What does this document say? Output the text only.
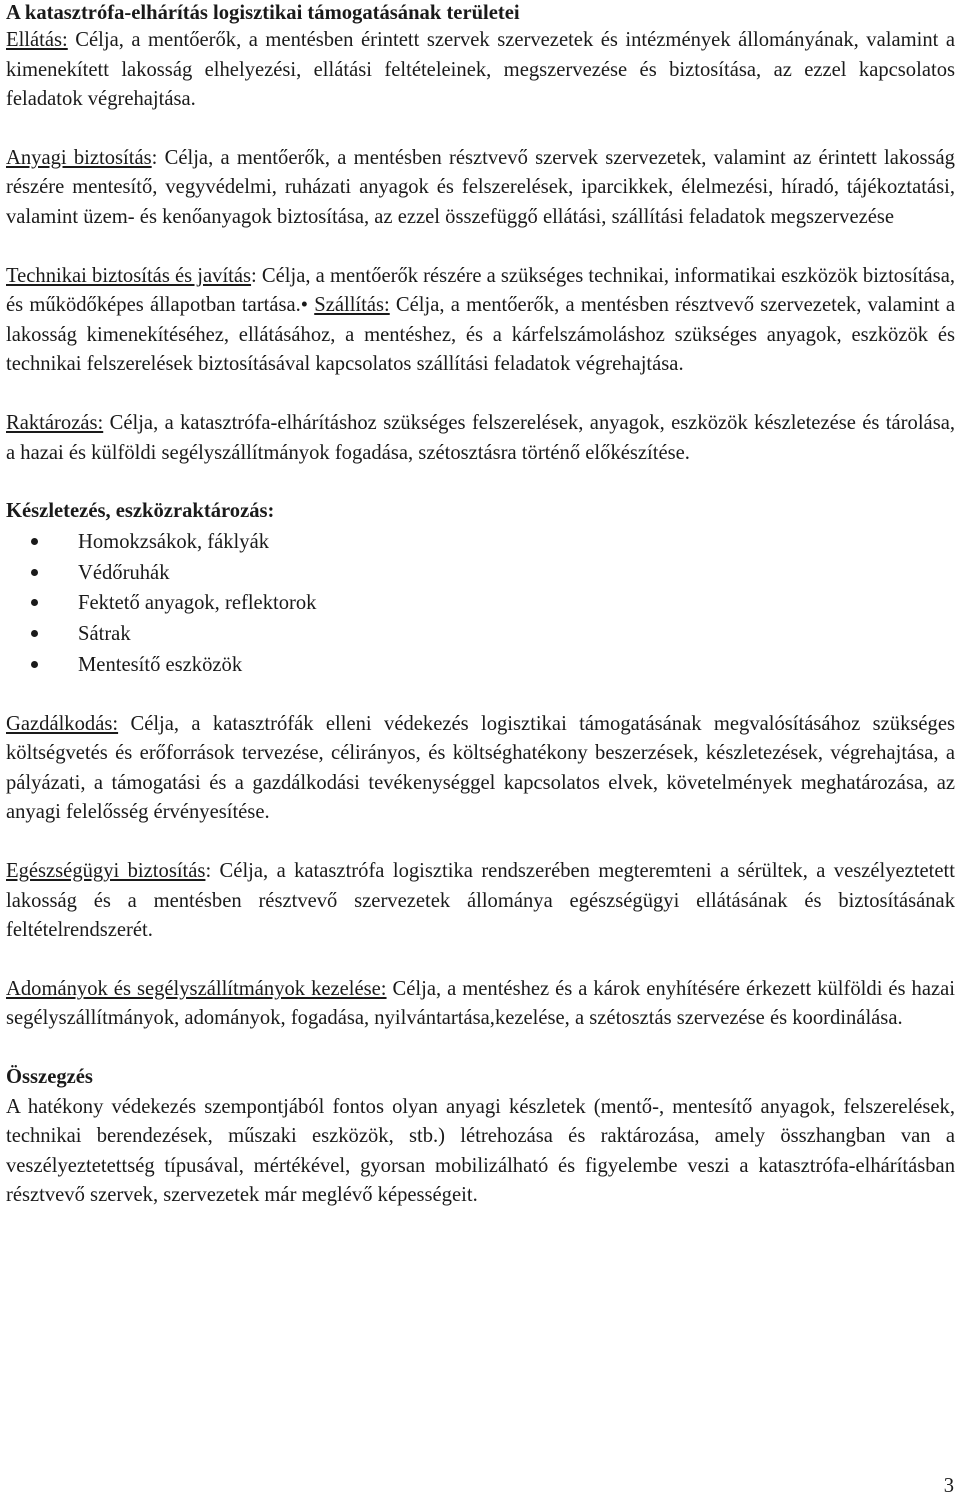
A katasztrófa-elhárítás logisztikai támogatásának területei

Ellátás: Célja, a mentőerők, a mentésben érintett szervek szervezetek és intézmények állományának, valamint a kimenekített lakosság elhelyezési, ellátási feltételeinek, megszervezése és biztosítása, az ezzel kapcsolatos feladatok végrehajtása.

Anyagi biztosítás: Célja, a mentőerők, a mentésben résztvevő szervek szervezetek, valamint az érintett lakosság részére mentesítő, vegyvédelmi, ruházati anyagok és felszerelések, iparcikkek, élelmezési, híradó, tájékoztatási, valamint üzem- és kenőanyagok biztosítása, az ezzel összefüggő ellátási, szállítási feladatok megszervezése

Technikai biztosítás és javítás: Célja, a mentőerők részére a szükséges technikai, informatikai eszközök biztosítása, és működőképes állapotban tartása.• Szállítás: Célja, a mentőerők, a mentésben résztvevő szervezetek, valamint a lakosság kimenekítéséhez, ellátásához, a mentéshez, és a kárfelszámoláshoz szükséges anyagok, eszközök és technikai felszerelések biztosításával kapcsolatos szállítási feladatok végrehajtása.

Raktározás: Célja, a katasztrófa-elhárításhoz szükséges felszerelések, anyagok, eszközök készletezése és tárolása, a hazai és külföldi segélyszállítmányok fogadása, szétosztásra történő előkészítése.

Készletezés, eszközraktározás:

Homokzsákok, fáklyák
Védőruhák
Fektető anyagok, reflektorok
Sátrak
Mentesítő eszközök

Gazdálkodás: Célja, a katasztrófák elleni védekezés logisztikai támogatásának megvalósításához szükséges költségvetés és erőforrások tervezése, célirányos, és költséghatékony beszerzések, készletezések, végrehajtása, a pályázati, a támogatási és a gazdálkodási tevékenységgel kapcsolatos elvek, követelmények meghatározása, az anyagi felelősség érvényesítése.

Egészségügyi biztosítás: Célja, a katasztrófa logisztika rendszerében megteremteni a sérültek, a veszélyeztetett lakosság és a mentésben résztvevő szervezetek állománya egészségügyi ellátásának és biztosításának feltételrendszerét.

Adományok és segélyszállítmányok kezelése: Célja, a mentéshez és a károk enyhítésére érkezett külföldi és hazai segélyszállítmányok, adományok, fogadása, nyilvántartása,kezelése, a szétosztás szervezése és koordinálása.

Összegzés

A hatékony védekezés szempontjából fontos olyan anyagi készletek (mentő-, mentesítő anyagok, felszerelések, technikai berendezések, műszaki eszközök, stb.) létrehozása és raktározása, amely összhangban van a veszélyeztetettség típusával, mértékével, gyorsan mobilizálható és figyelembe veszi a katasztrófa-elhárításban résztvevő szervek, szervezetek már meglévő képességeit.

3
